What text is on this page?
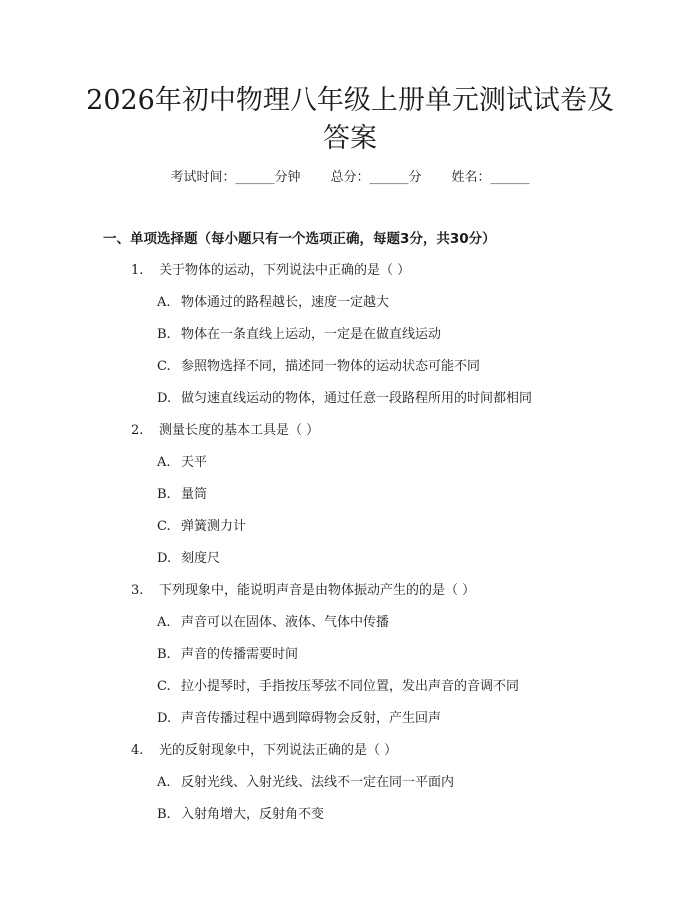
2026年初中物理八年级上册单元测试试卷及
答案
考试时间：______分钟 总分：______分 姓名：______
一、单项选择题（每小题只有一个选项正确，每题3分，共30分）
1. 关于物体的运动，下列说法中正确的是（ ）
A. 物体通过的路程越长，速度一定越大
B. 物体在一条直线上运动，一定是在做直线运动
C. 参照物选择不同，描述同一物体的运动状态可能不同
D. 做匀速直线运动的物体，通过任意一段路程所用的时间都相同
2. 测量长度的基本工具是（ ）
A. 天平
B. 量筒
C. 弹簧测力计
D. 刻度尺
3. 下列现象中，能说明声音是由物体振动产生的的是（ ）
A. 声音可以在固体、液体、气体中传播
B. 声音的传播需要时间
C. 拉小提琴时，手指按压琴弦不同位置，发出声音的音调不同
D. 声音传播过程中遇到障碍物会反射，产生回声
4. 光的反射现象中，下列说法正确的是（ ）
A. 反射光线、入射光线、法线不一定在同一平面内
B. 入射角增大，反射角不变
